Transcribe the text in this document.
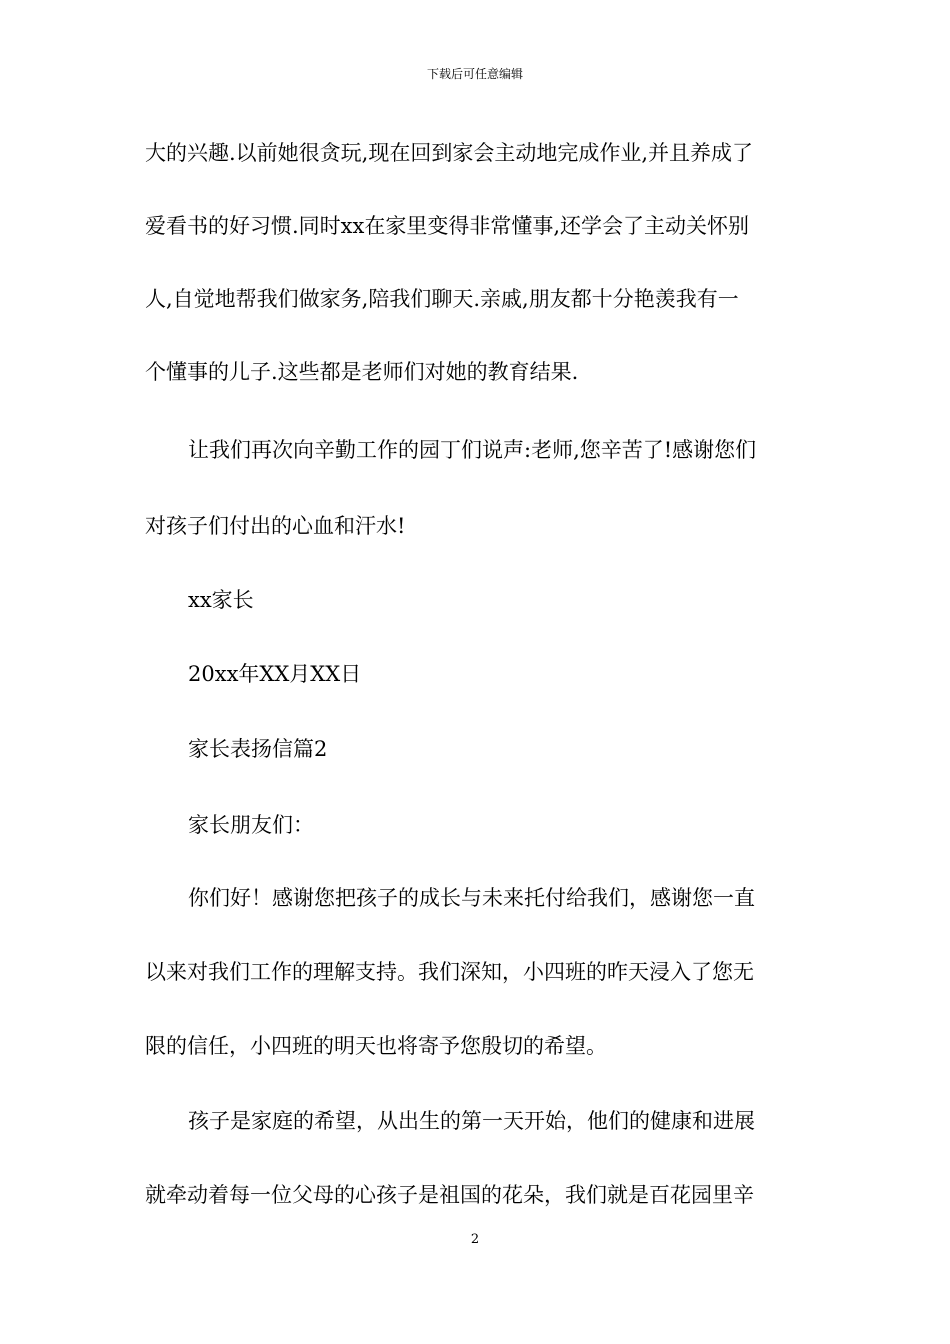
下载后可任意编辑
大的兴趣.以前她很贪玩,现在回到家会主动地完成作业,并且养成了
爱看书的好习惯.同时xx在家里变得非常懂事,还学会了主动关怀别
人,自觉地帮我们做家务,陪我们聊天.亲戚,朋友都十分艳羡我有一
个懂事的儿子.这些都是老师们对她的教育结果.
让我们再次向辛勤工作的园丁们说声:老师,您辛苦了!感谢您们
对孩子们付出的心血和汗水!
xx家长
20xx年XX月XX日
家长表扬信篇2
家长朋友们：
你们好！感谢您把孩子的成长与未来托付给我们，感谢您一直
以来对我们工作的理解支持。我们深知，小四班的昨天浸入了您无
限的信任，小四班的明天也将寄予您殷切的希望。
孩子是家庭的希望，从出生的第一天开始，他们的健康和进展
就牵动着每一位父母的心孩子是祖国的花朵，我们就是百花园里辛
2
